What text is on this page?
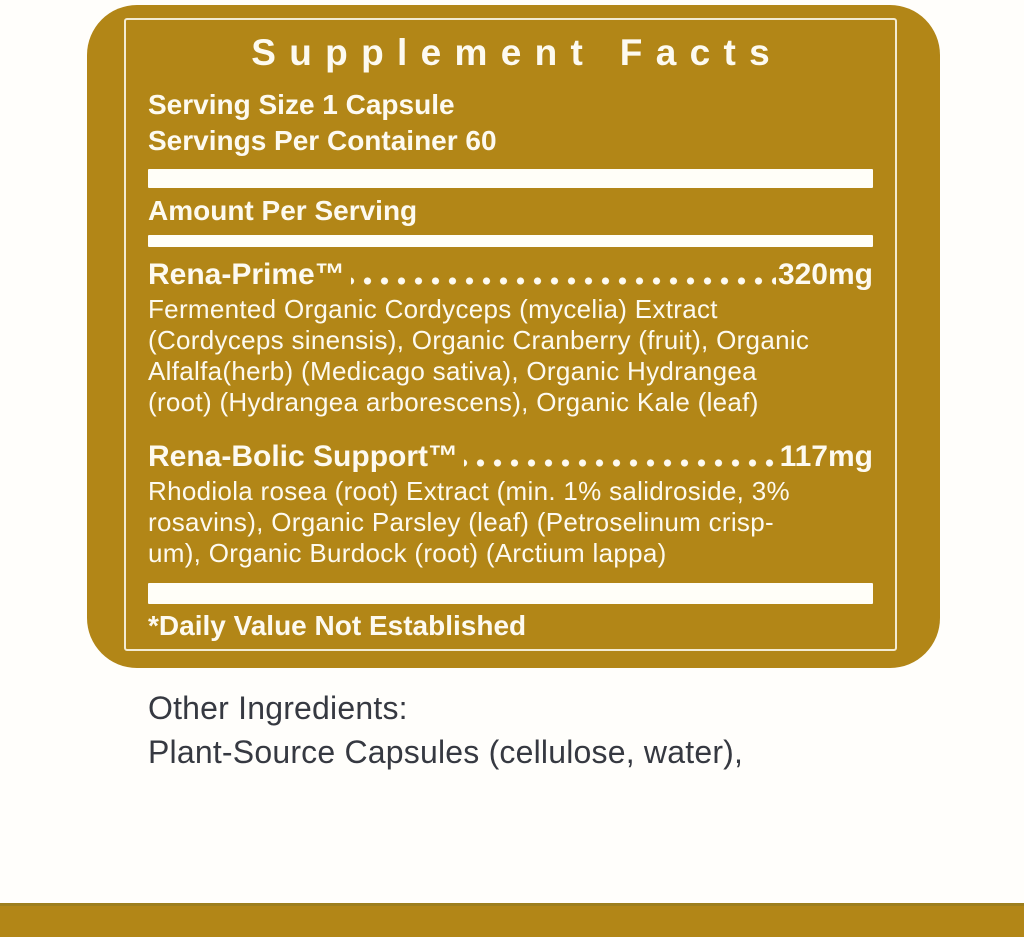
Supplement Facts
Serving Size 1 Capsule
Servings Per Container 60
Amount Per Serving
Rena-Prime™	320mg
Fermented Organic Cordyceps (mycelia) Extract
(Cordyceps sinensis), Organic Cranberry (fruit), Organic
Alfalfa(herb) (Medicago sativa), Organic Hydrangea
(root) (Hydrangea arborescens), Organic Kale (leaf)
Rena-Bolic Support™	117mg
Rhodiola rosea (root) Extract (min. 1% salidroside, 3%
rosavins), Organic Parsley (leaf) (Petroselinum crisp-
um), Organic Burdock (root) (Arctium lappa)
*Daily Value Not Established
Other Ingredients:
Plant-Source Capsules (cellulose, water),
